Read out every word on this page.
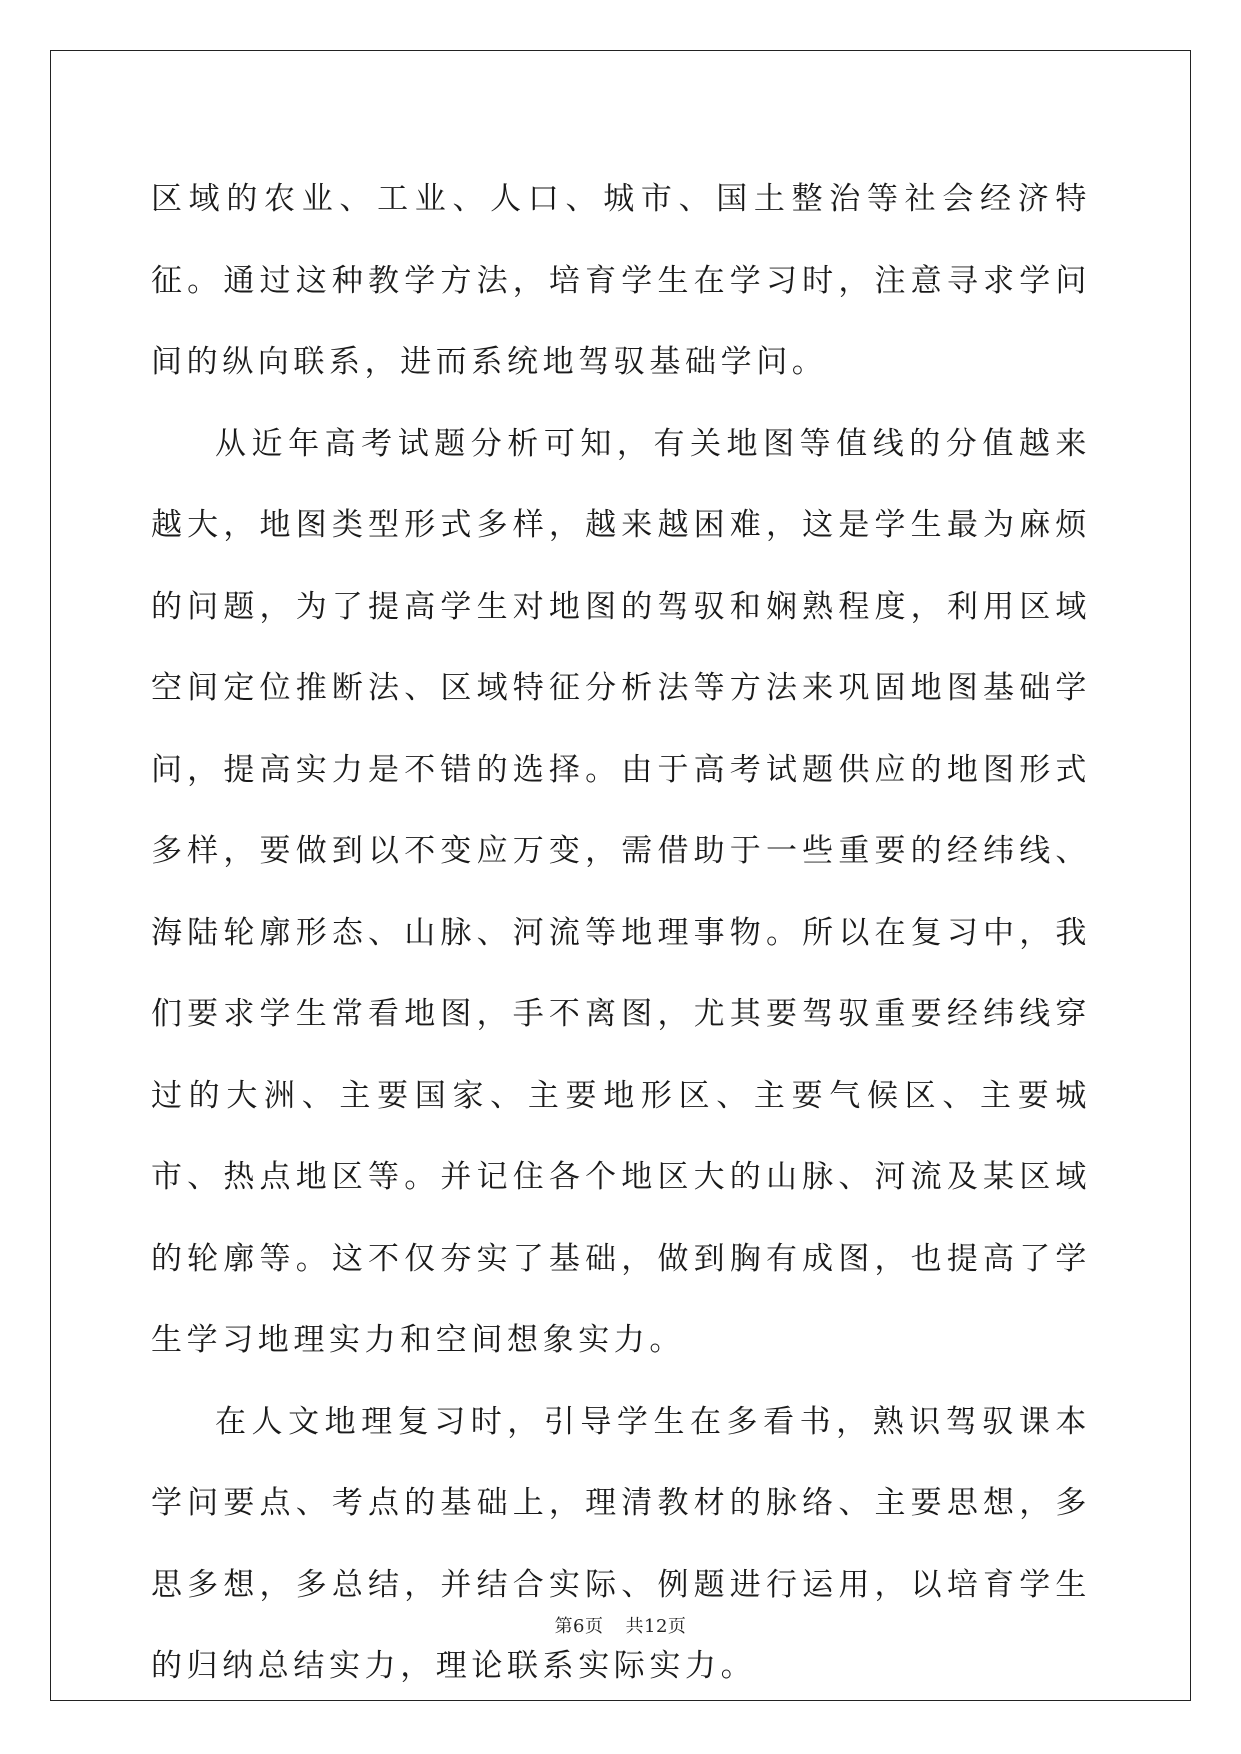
区域的农业、工业、人口、城市、国土整治等社会经济特征。通过这种教学方法，培育学生在学习时，注意寻求学问间的纵向联系，进而系统地驾驭基础学问。

从近年高考试题分析可知，有关地图等值线的分值越来越大，地图类型形式多样，越来越困难，这是学生最为麻烦的问题，为了提高学生对地图的驾驭和娴熟程度，利用区域空间定位推断法、区域特征分析法等方法来巩固地图基础学问，提高实力是不错的选择。由于高考试题供应的地图形式多样，要做到以不变应万变，需借助于一些重要的经纬线、海陆轮廓形态、山脉、河流等地理事物。所以在复习中，我们要求学生常看地图，手不离图，尤其要驾驭重要经纬线穿过的大洲、主要国家、主要地形区、主要气候区、主要城市、热点地区等。并记住各个地区大的山脉、河流及某区域的轮廓等。这不仅夯实了基础，做到胸有成图，也提高了学生学习地理实力和空间想象实力。

在人文地理复习时，引导学生在多看书，熟识驾驭课本学问要点、考点的基础上，理清教材的脉络、主要思想，多思多想，多总结，并结合实际、例题进行运用，以培育学生的归纳总结实力，理论联系实际实力。

第6页 共12页
